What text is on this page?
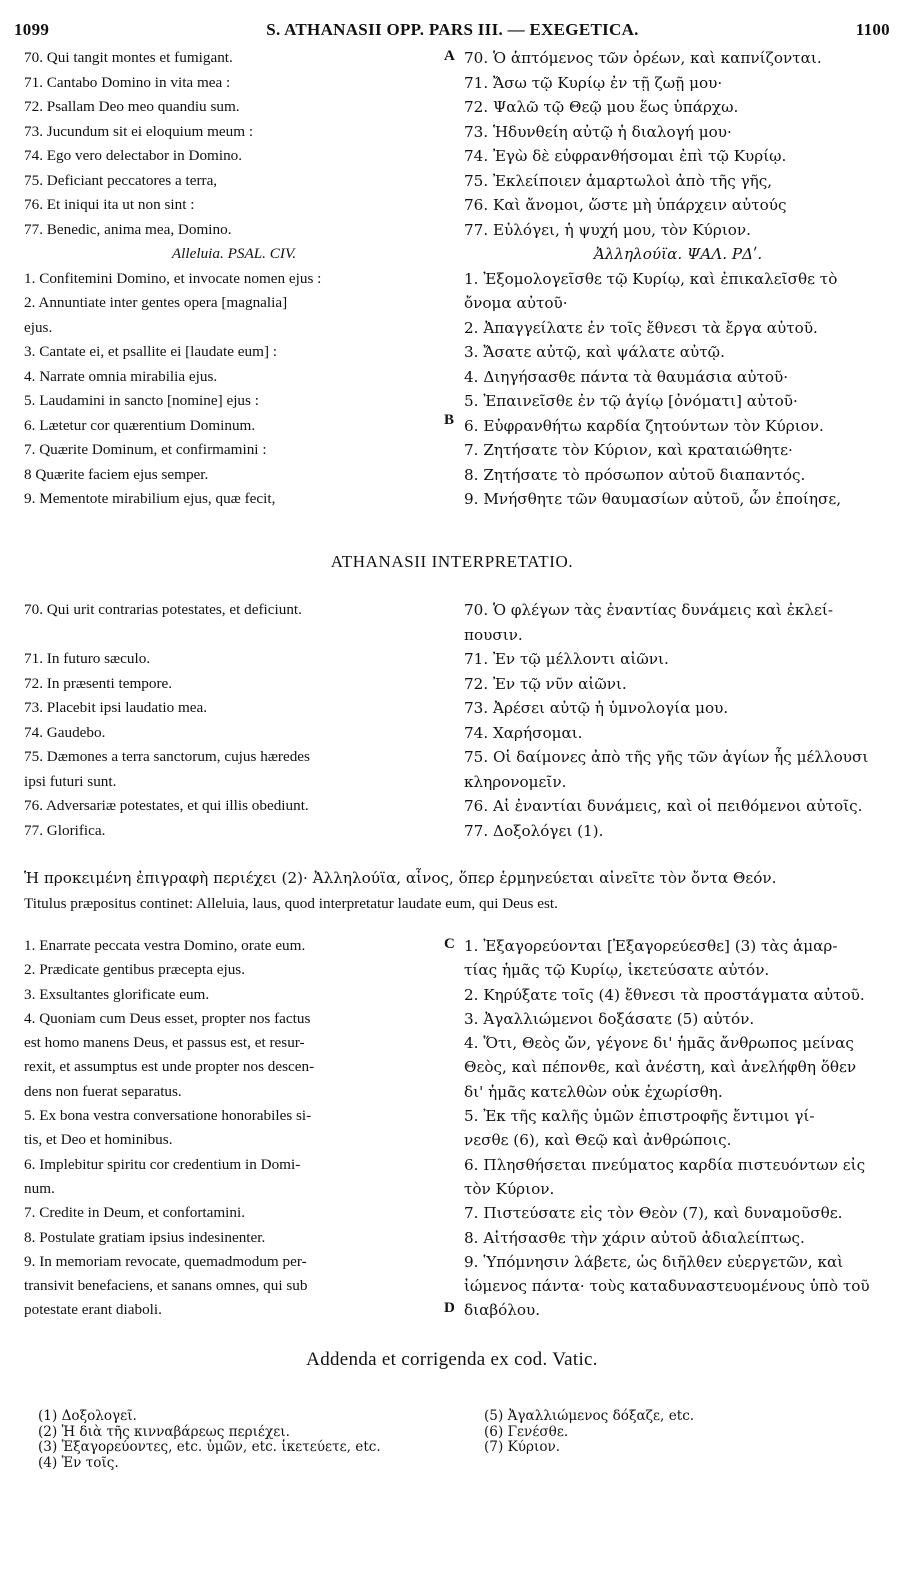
1099	S. ATHANASII OPP. PARS III. — EXEGETICA.	1100
70. Qui tangit montes et fumigant.
71. Cantabo Domino in vita mea :
72. Psallam Deo meo quandiu sum.
73. Jucundum sit ei eloquium meum :
74. Ego vero delectabor in Domino.
75. Deficiant peccatores a terra,
76. Et iniqui ita ut non sint :
77. Benedic, anima mea, Domino.
Alleluia. PSAL. CIV.
1. Confitemini Domino, et invocate nomen ejus :
2. Annuntiate inter gentes opera [magnalia]
ejus.
3. Cantate ei, et psallite ei [laudate eum] :
4. Narrate omnia mirabilia ejus.
5. Laudamini in sancto [nomine] ejus :
6. Lætetur cor quærentium Dominum.
7. Quærite Dominum, et confirmamini :
8 Quærite faciem ejus semper.
9. Mementote mirabilium ejus, quæ fecit,
70. Ὁ ἁπτόμενος τῶν ὀρέων, καὶ καπνίζονται.
71. Ἄσω τῷ Κυρίῳ ἐν τῇ ζωῇ μου·
72. Ψαλῶ τῷ Θεῷ μου ἕως ὑπάρχω.
73. Ἡδυνθείη αὐτῷ ἡ διαλογή μου·
74. Ἐγὼ δὲ εὐφρανθήσομαι ἐπὶ τῷ Κυρίῳ.
75. Ἐκλείποιεν ἁμαρτωλοὶ ἀπὸ τῆς γῆς,
76. Καὶ ἄνομοι, ὥστε μὴ ὑπάρχειν αὐτούς
77. Εὐλόγει, ἡ ψυχή μου, τὸν Κύριον.
Ἀλληλούϊα. ΨΑΛ. ΡΔʹ.
1. Ἐξομολογεῖσθε τῷ Κυρίῳ, καὶ ἐπικαλεῖσθε τὸ
ὄνομα αὐτοῦ·
2. Ἀπαγγείλατε ἐν τοῖς ἔθνεσι τὰ ἔργα αὐτοῦ.
3. Ἄσατε αὐτῷ, καὶ ψάλατε αὐτῷ.
4. Διηγήσασθε πάντα τὰ θαυμάσια αὐτοῦ·
5. Ἐπαινεῖσθε ἐν τῷ ἁγίῳ [ὀνόματι] αὐτοῦ·
6. Εὐφρανθήτω καρδία ζητούντων τὸν Κύριον.
7. Ζητήσατε τὸν Κύριον, καὶ κραταιώθητε·
8. Ζητήσατε τὸ πρόσωπον αὐτοῦ διαπαντός.
9. Μνήσθητε τῶν θαυμασίων αὐτοῦ, ὧν ἐποίησε,
A
B
ATHANASII INTERPRETATIO.
70. Qui urit contrarias potestates, et deficiunt.

71. In futuro sæculo.
72. In præsenti tempore.
73. Placebit ipsi laudatio mea.
74. Gaudebo.
75. Dæmones a terra sanctorum, cujus hæredes
ipsi futuri sunt.
76. Adversariæ potestates, et qui illis obediunt.
77. Glorifica.
70. Ὁ φλέγων τὰς ἐναντίας δυνάμεις καὶ ἐκλεί-
πουσιν.
71. Ἐν τῷ μέλλοντι αἰῶνι.
72. Ἐν τῷ νῦν αἰῶνι.
73. Ἀρέσει αὐτῷ ἡ ὑμνολογία μου.
74. Χαρήσομαι.
75. Οἱ δαίμονες ἀπὸ τῆς γῆς τῶν ἁγίων ἧς μέλλουσι
κληρονομεῖν.
76. Αἱ ἐναντίαι δυνάμεις, καὶ οἱ πειθόμενοι αὐτοῖς.
77. Δοξολόγει (1).
Ἡ προκειμένη ἐπιγραφὴ περιέχει (2)· Ἀλληλούϊα, αἶνος, ὅπερ ἑρμηνεύεται αἰνεῖτε τὸν ὄντα Θεόν.
Titulus præpositus continet: Alleluia, laus, quod interpretatur laudate eum, qui Deus est.
1. Enarrate peccata vestra Domino, orate eum.
2. Prædicate gentibus præcepta ejus.
3. Exsultantes glorificate eum.
4. Quoniam cum Deus esset, propter nos factus
est homo manens Deus, et passus est, et resur-
rexit, et assumptus est unde propter nos descen-
dens non fuerat separatus.
5. Ex bona vestra conversatione honorabiles si-
tis, et Deo et hominibus.
6. Implebitur spiritu cor credentium in Domi-
num.
7. Credite in Deum, et confortamini.
8. Postulate gratiam ipsius indesinenter.
9. In memoriam revocate, quemadmodum per-
transivit benefaciens, et sanans omnes, qui sub
potestate erant diaboli.
1. Ἐξαγορεύονται [Ἐξαγορεύεσθε] (3) τὰς ἁμαρ-
τίας ἡμᾶς τῷ Κυρίῳ, ἱκετεύσατε αὐτόν.
2. Κηρύξατε τοῖς (4) ἔθνεσι τὰ προστάγματα αὐτοῦ.
3. Ἀγαλλιώμενοι δοξάσατε (5) αὐτόν.
4. Ὅτι, Θεὸς ὤν, γέγονε δι' ἡμᾶς ἄνθρωπος μείνας
Θεὸς, καὶ πέπονθε, καὶ ἀνέστη, καὶ ἀνελήφθη ὅθεν
δι' ἡμᾶς κατελθὼν οὐκ ἐχωρίσθη.
5. Ἐκ τῆς καλῆς ὑμῶν ἐπιστροφῆς ἔντιμοι γί-
νεσθε (6), καὶ Θεῷ καὶ ἀνθρώποις.
6. Πλησθήσεται πνεύματος καρδία πιστευόντων εἰς
τὸν Κύριον.
7. Πιστεύσατε εἰς τὸν Θεὸν (7), καὶ δυναμοῦσθε.
8. Αἰτήσασθε τὴν χάριν αὐτοῦ ἀδιαλείπτως.
9. Ὑπόμνησιν λάβετε, ὡς διῆλθεν εὐεργετῶν, καὶ
ἰώμενος πάντα· τοὺς καταδυναστευομένους ὑπὸ τοῦ
διαβόλου.
C
D
Addenda et corrigenda ex cod. Vatic.
(1) Δοξολογεῖ.
(2) Ἡ διὰ τῆς κινναβάρεως περιέχει.
(3) Ἐξαγορεύοντες, etc. ὑμῶν, etc. ἱκετεύετε, etc.
(4) Ἐν τοῖς.
(5) Ἀγαλλιώμενος δόξαζε, etc.
(6) Γενέσθε.
(7) Κύριον.
